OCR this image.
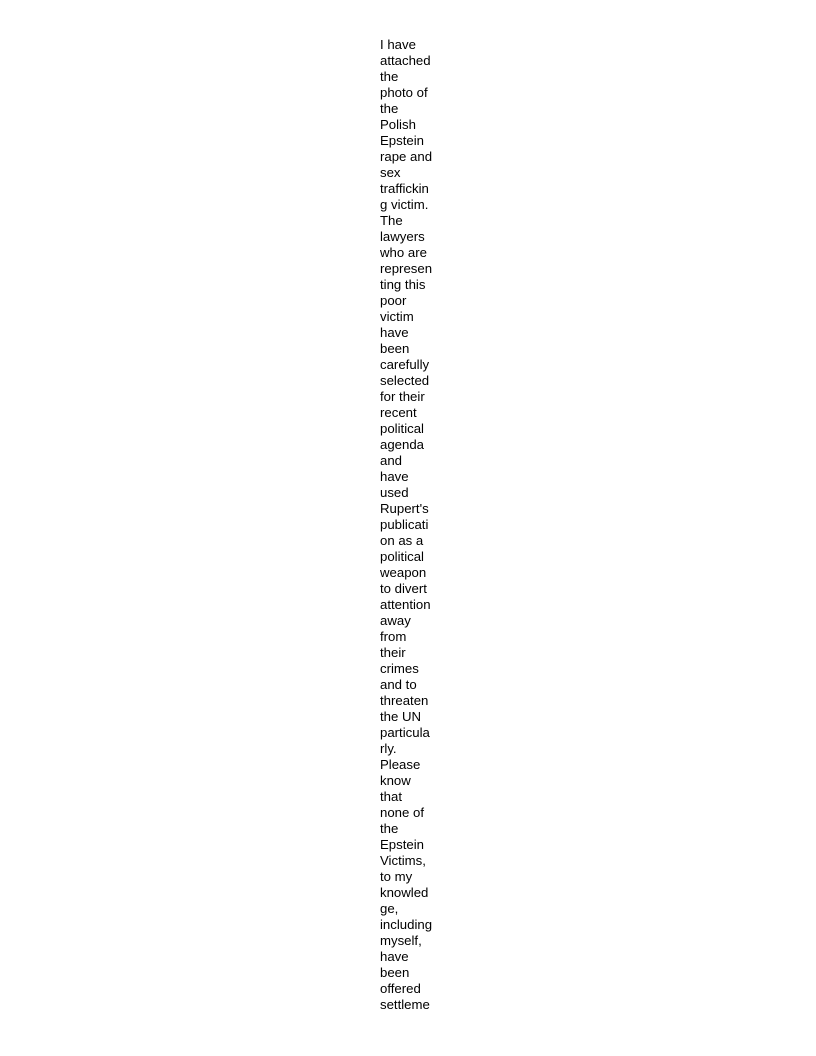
I have
attached
the
photo of
the
Polish
Epstein
rape and
sex
traffickin
g victim.
The
lawyers
who are
represen
ting this
poor
victim
have
been
carefully
selected
for their
recent
political
agenda
and
have
used
Rupert's
publicati
on as a
political
weapon
to divert
attention
away
from
their
crimes
and to
threaten
the UN
particula
rly.
Please
know
that
none of
the
Epstein
Victims,
to my
knowled
ge,
including
myself,
have
been
offered
settleme
